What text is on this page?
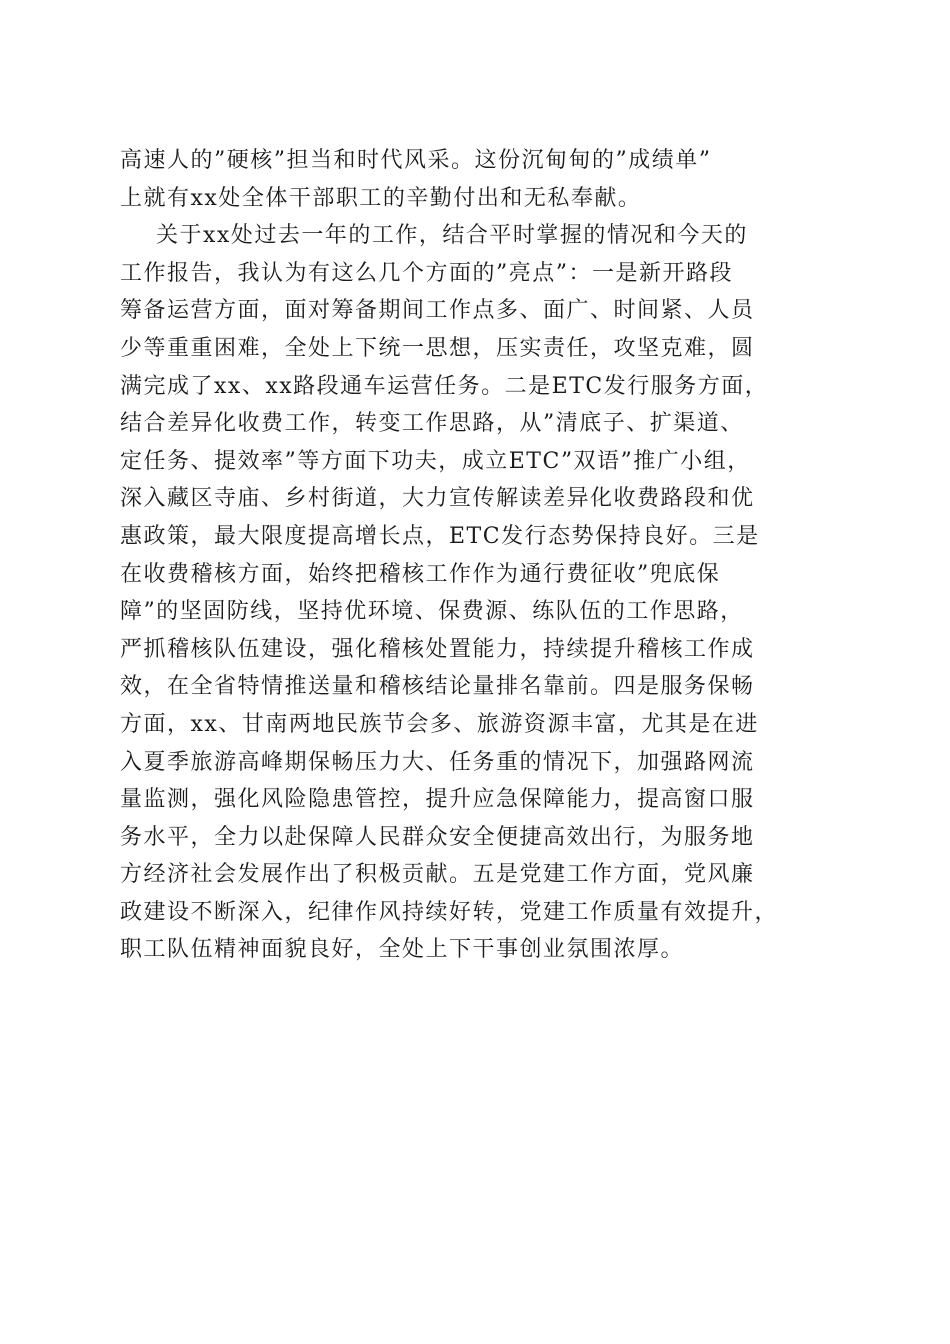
高速人的”硬核”担当和时代风采。这份沉甸甸的”成绩单”
上就有xx处全体干部职工的辛勤付出和无私奉献。
关于xx处过去一年的工作，结合平时掌握的情况和今天的
工作报告，我认为有这么几个方面的”亮点”：一是新开路段
筹备运营方面，面对筹备期间工作点多、面广、时间紧、人员
少等重重困难，全处上下统一思想，压实责任，攻坚克难，圆
满完成了xx、xx路段通车运营任务。二是ETC发行服务方面，
结合差异化收费工作，转变工作思路，从”清底子、扩渠道、
定任务、提效率”等方面下功夫，成立ETC”双语”推广小组，
深入藏区寺庙、乡村街道，大力宣传解读差异化收费路段和优
惠政策，最大限度提高增长点，ETC发行态势保持良好。三是
在收费稽核方面，始终把稽核工作作为通行费征收”兜底保
障”的坚固防线，坚持优环境、保费源、练队伍的工作思路，
严抓稽核队伍建设，强化稽核处置能力，持续提升稽核工作成
效，在全省特情推送量和稽核结论量排名靠前。四是服务保畅
方面，xx、甘南两地民族节会多、旅游资源丰富，尤其是在进
入夏季旅游高峰期保畅压力大、任务重的情况下，加强路网流
量监测，强化风险隐患管控，提升应急保障能力，提高窗口服
务水平，全力以赴保障人民群众安全便捷高效出行，为服务地
方经济社会发展作出了积极贡献。五是党建工作方面，党风廉
政建设不断深入，纪律作风持续好转，党建工作质量有效提升，
职工队伍精神面貌良好，全处上下干事创业氛围浓厚。
